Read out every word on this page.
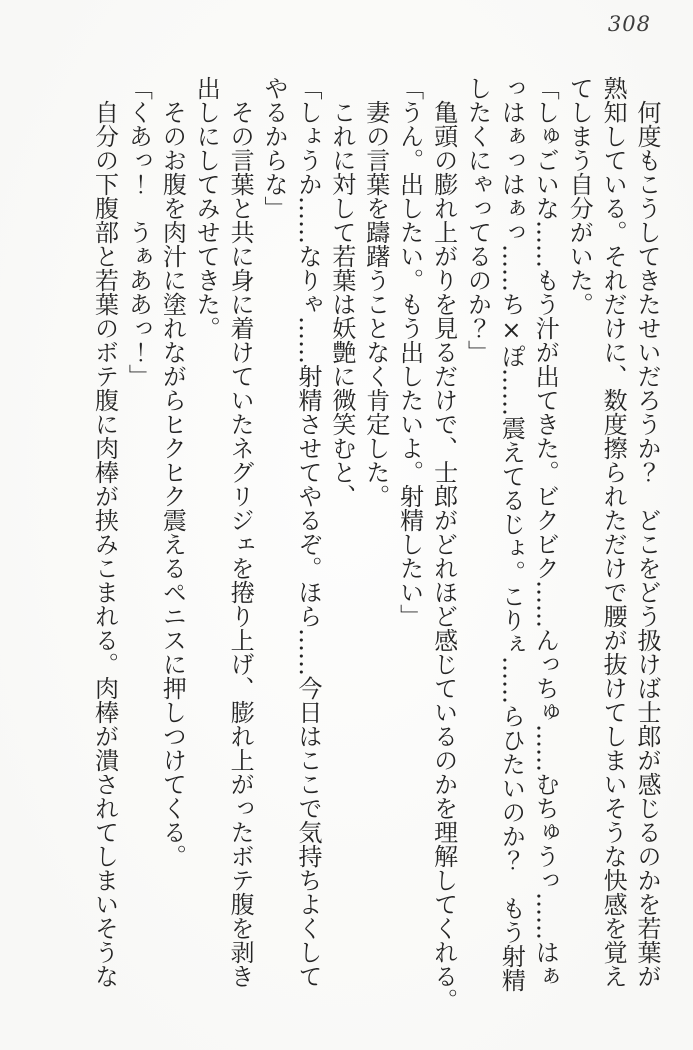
308
何度もこうしてきたせいだろうか？　どこをどう扱けば士郎が感じるのかを若葉が
熟知している。それだけに、数度擦られただけで腰が抜けてしまいそうな快感を覚え
てしまう自分がいた。
「しゅごいな……もう汁が出てきた。ビクビク……んっちゅ……むちゅうっ……はぁ
っはぁっはぁっ……ち×ぽ……震えてるじょ。こりぇ……らひたいのか？　もう射精
したくにゃってるのか？」
亀頭の膨れ上がりを見るだけで、士郎がどれほど感じているのかを理解してくれる。
「うん。出したい。もう出したいよ。射精したい」
妻の言葉を躊躇うことなく肯定した。
これに対して若葉は妖艶に微笑むと、
「しょうか……なりゃ……射精させてやるぞ。ほら……今日はここで気持ちよくして
やるからな」
その言葉と共に身に着けていたネグリジェを捲り上げ、膨れ上がったボテ腹を剥き
出しにしてみせてきた。
そのお腹を肉汁に塗れながらヒクヒク震えるペニスに押しつけてくる。
「くあっ！　うぁああっ！」
自分の下腹部と若葉のボテ腹に肉棒が挟みこまれる。肉棒が潰されてしまいそうな
